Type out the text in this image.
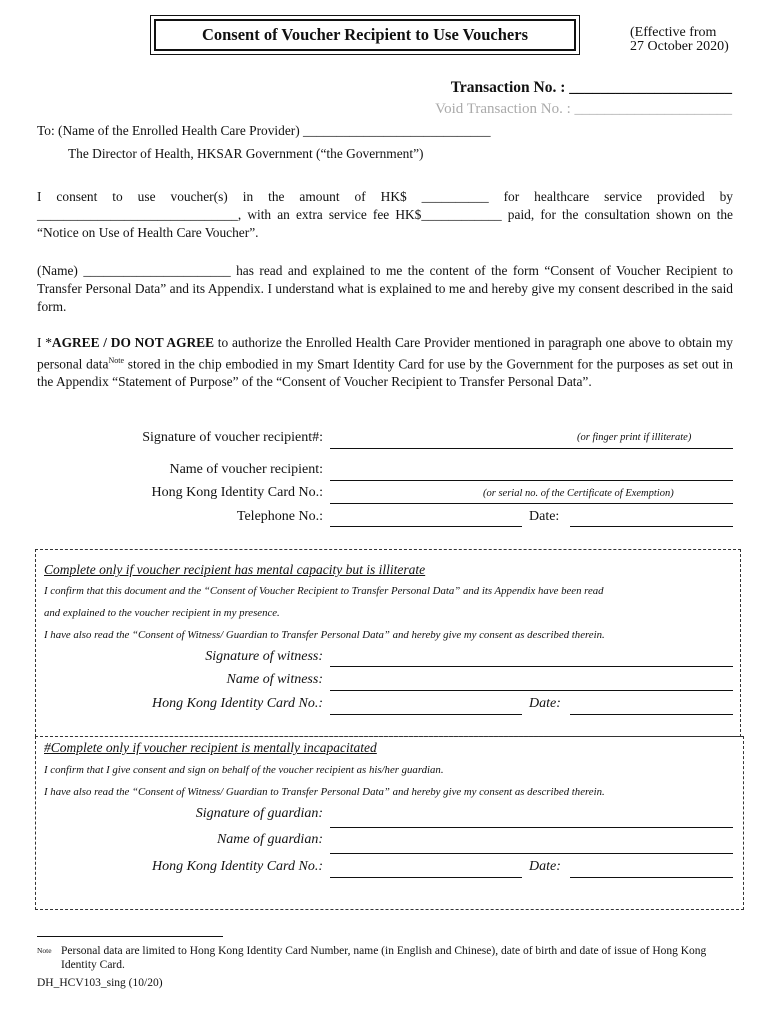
Consent of Voucher Recipient to Use Vouchers	(Effective from
27 October 2020)
Transaction No. : _____________________
Void Transaction No. : _____________________
To: (Name of the Enrolled Health Care Provider) ____________________________
The Director of Health, HKSAR Government (“the Government”)
I consent to use voucher(s) in the amount of HK$ __________ for healthcare service provided by ______________________________, with an extra service fee HK$____________ paid, for the consultation shown on the “Notice on Use of Health Care Voucher”.
(Name) ______________________ has read and explained to me the content of the form “Consent of Voucher Recipient to Transfer Personal Data” and its Appendix. I understand what is explained to me and hereby give my consent described in the said form.
I *AGREE / DO NOT AGREE to authorize the Enrolled Health Care Provider mentioned in paragraph one above to obtain my personal data$^{Note}$ stored in the chip embodied in my Smart Identity Card for use by the Government for the purposes as set out in the Appendix “Statement of Purpose” of the “Consent of Voucher Recipient to Transfer Personal Data”.
Signature of voucher recipient#:	(or finger print if illiterate)
Name of voucher recipient:
Hong Kong Identity Card No.:	(or serial no. of the Certificate of Exemption)
Telephone No.:	Date:
Complete only if voucher recipient has mental capacity but is illiterate
I confirm that this document and the “Consent of Voucher Recipient to Transfer Personal Data” and its Appendix have been read
and explained to the voucher recipient in my presence.
I have also read the “Consent of Witness/ Guardian to Transfer Personal Data” and hereby give my consent as described therein.
Signature of witness:
Name of witness:
Hong Kong Identity Card No.:	Date:
#Complete only if voucher recipient is mentally incapacitated
I confirm that I give consent and sign on behalf of the voucher recipient as his/her guardian.
I have also read the “Consent of Witness/ Guardian to Transfer Personal Data” and hereby give my consent as described therein.
Signature of guardian:
Name of guardian:
Hong Kong Identity Card No.:	Date:
Note Personal data are limited to Hong Kong Identity Card Number, name (in English and Chinese), date of birth and date of issue of Hong Kong Identity Card.
DH_HCV103_sing (10/20)
